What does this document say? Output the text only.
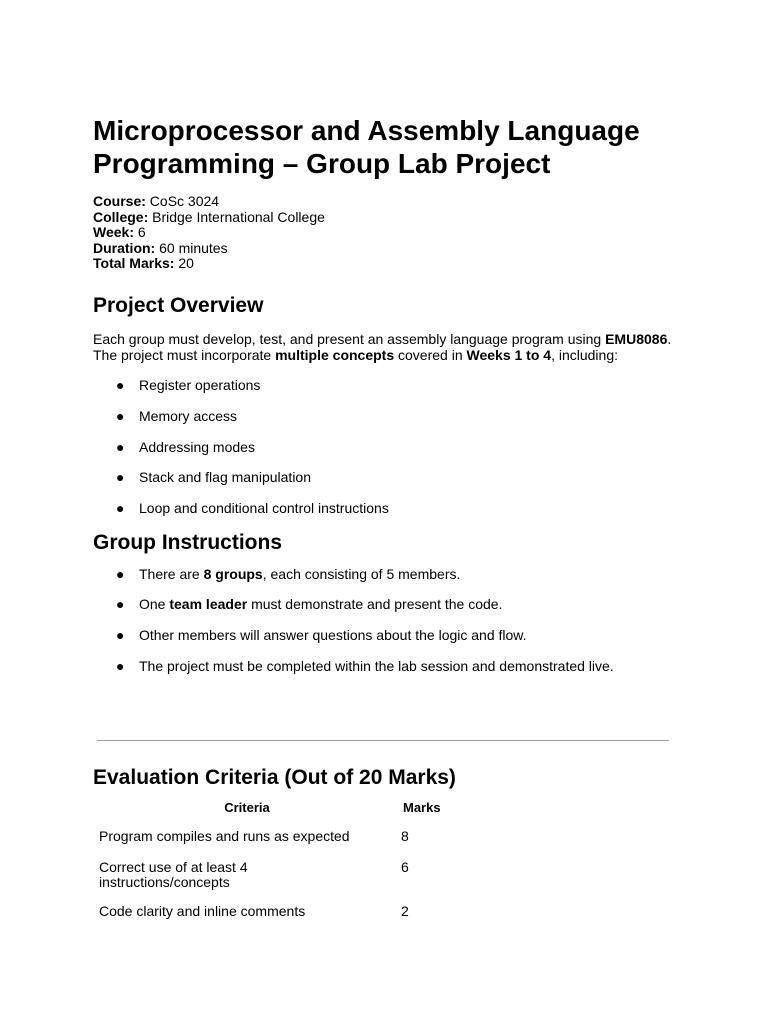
Microprocessor and Assembly Language Programming – Group Lab Project
Course: CoSc 3024
College: Bridge International College
Week: 6
Duration: 60 minutes
Total Marks: 20
Project Overview

Each group must develop, test, and present an assembly language program using EMU8086.
The project must incorporate multiple concepts covered in Weeks 1 to 4, including:

● Register operations
● Memory access
● Addressing modes
● Stack and flag manipulation
● Loop and conditional control instructions
Group Instructions
● There are 8 groups, each consisting of 5 members.
● One team leader must demonstrate and present the code.
● Other members will answer questions about the logic and flow.
● The project must be completed within the lab session and demonstrated live.
Evaluation Criteria (Out of 20 Marks)
Criteria	Marks
Program compiles and runs as expected	8
Correct use of at least 4 instructions/concepts	6
Code clarity and inline comments	2
